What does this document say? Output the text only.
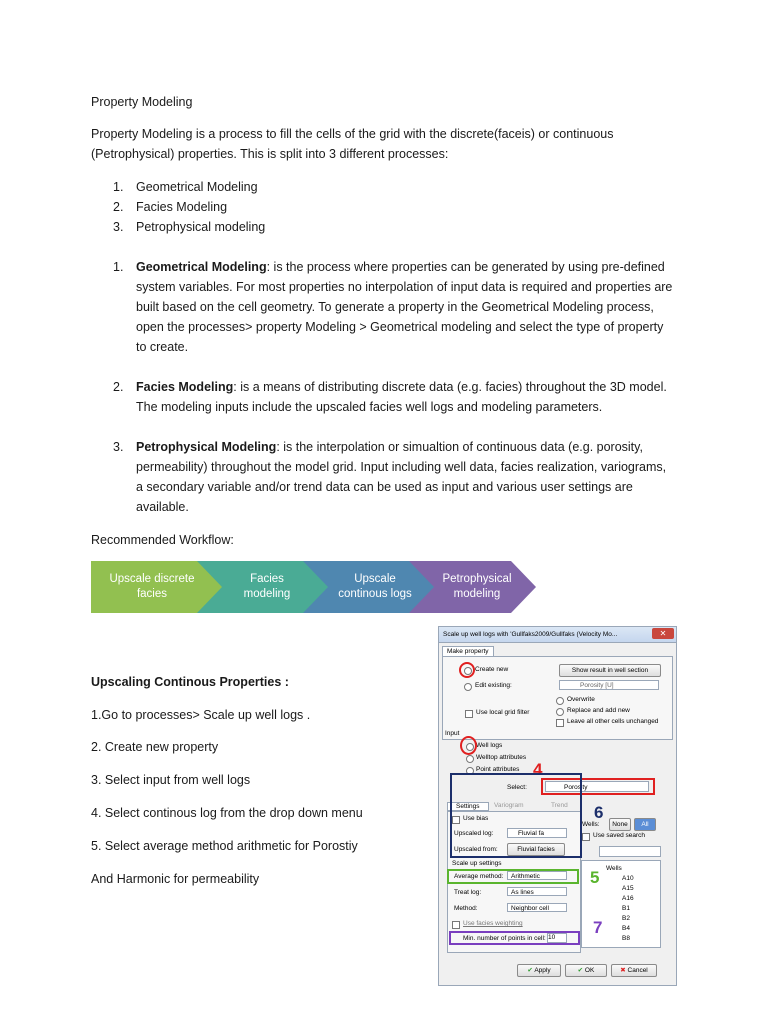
Property Modeling

Property Modeling is a process to fill the cells of the grid with the discrete(faceis) or continuous (Petrophysical) properties. This is split into 3 different processes:

1. Geometrical Modeling
2. Facies Modeling
3. Petrophysical modeling
1. Geometrical Modeling: is the process where properties can be generated by using pre-defined system variables. For most properties no interpolation of input data is required and properties are built based on the cell geometry. To generate a property in the Geometrical Modeling process, open the processes> property Modeling > Geometrical modeling and select the type of property to create.
2. Facies Modeling: is a means of distributing discrete data (e.g. facies) throughout the 3D model. The modeling inputs include the upscaled facies well logs and modeling parameters.
3. Petrophysical Modeling: is the interpolation or simualtion of continuous data (e.g. porosity, permeability) throughout the model grid. Input including well data, facies realization, variograms, a secondary variable and/or trend data can be used as input and various user settings are available.

Recommended Workflow:

Upscale discrete facies
Facies modeling
Upscale continous logs
Petrophysical modeling

Upscaling Continous Properties :

1.Go to processes> Scale up well logs .

2. Create new property

3. Select input from well logs

4. Select continous log from the drop down menu

5. Select average method arithmetic for Porostiy

And Harmonic for permeability

Scale up well logs with 'Gullfaks2009/Gullfaks (Velocity Mo...	✕
Make property
Create new
Edit existing:
Show result in well section
Porosity [U]
Overwrite
Replace and add new
Leave all other cells unchanged
Use local grid filter
Input
Well logs
Welltop attributes
Point attributes
Select:	Porosity
4
Settings	Variogram	Trend
Use bias
Upscaled log:	Fluvial fa
Upscaled from:	Fluvial facies
Scale up settings
Average method:	Arithmetic
Treat log:	As lines
Method:	Neighbor cell
Use facies weighting
Min. number of points in cell: 10
Wells:	None	All
Use saved search
6
Wells
A10
A15
A16
B1
B2
B4
B8
5
7
✔ Apply	✔ OK	✖ Cancel
